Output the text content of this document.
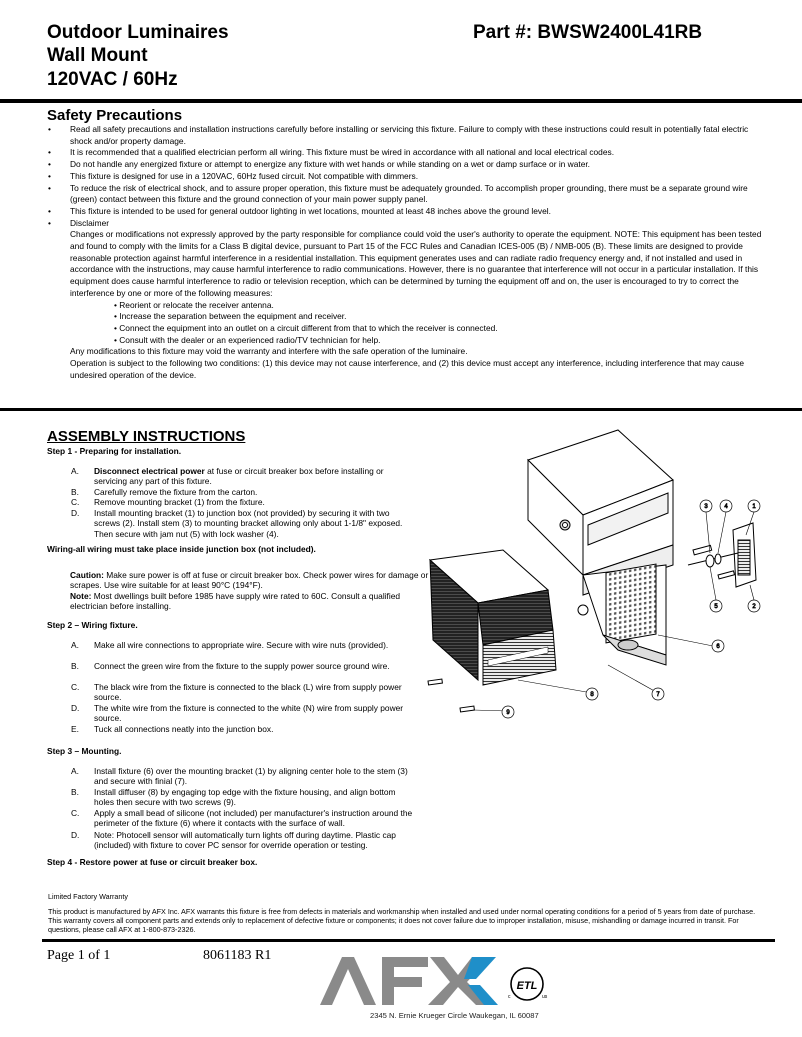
Outdoor Luminaires
Wall Mount
120VAC / 60Hz
Part #: BWSW2400L41RB
Safety Precautions
• Read all safety precautions and installation instructions carefully before installing or servicing this fixture. Failure to comply with these instructions could result in potentially fatal electric shock and/or property damage.
• It is recommended that a qualified electrician perform all wiring. This fixture must be wired in accordance with all national and local electrical codes.
• Do not handle any energized fixture or attempt to energize any fixture with wet hands or while standing on a wet or damp surface or in water.
• This fixture is designed for use in a 120VAC, 60Hz fused circuit. Not compatible with dimmers.
• To reduce the risk of electrical shock, and to assure proper operation, this fixture must be adequately grounded. To accomplish proper grounding, there must be a separate ground wire (green) contact between this fixture and the ground connection of your main power supply panel.
• This fixture is intended to be used for general outdoor lighting in wet locations, mounted at least 48 inches above the ground level.
• Disclaimer
Changes or modifications not expressly approved by the party responsible for compliance could void the user's authority to operate the equipment. NOTE: This equipment has been tested and found to comply with the limits for a Class B digital device, pursuant to Part 15 of the FCC Rules and Canadian ICES-005 (B) / NMB-005 (B). These limits are designed to provide reasonable protection against harmful interference in a residential installation. This equipment generates uses and can radiate radio frequency energy and, if not installed and used in accordance with the instructions, may cause harmful interference to radio communications. However, there is no guarantee that interference will not occur in a particular installation. If this equipment does cause harmful interference to radio or television reception, which can be determined by turning the equipment off and on, the user is encouraged to try to correct the interference by one or more of the following measures:
• Reorient or relocate the receiver antenna.
• Increase the separation between the equipment and receiver.
• Connect the equipment into an outlet on a circuit different from that to which the receiver is connected.
• Consult with the dealer or an experienced radio/TV technician for help.
Any modifications to this fixture may void the warranty and interfere with the safe operation of the luminaire.
Operation is subject to the following two conditions: (1) this device may not cause interference, and (2) this device must accept any interference, including interference that may cause undesired operation of the device.
ASSEMBLY INSTRUCTIONS
Step 1 - Preparing for installation.
A. Disconnect electrical power at fuse or circuit breaker box before installing or servicing any part of this fixture.
B. Carefully remove the fixture from the carton.
C. Remove mounting bracket (1) from the fixture.
D. Install mounting bracket (1) to junction box (not provided) by securing it with two screws (2). Install stem (3) to mounting bracket allowing only about 1-1/8" exposed. Then secure with jam nut (5) with lock washer (4).
Wiring-all wiring must take place inside junction box (not included).
Caution: Make sure power is off at fuse or circuit breaker box. Check power wires for damage or scrapes. Use wire suitable for at least 90°C (194°F).
Note: Most dwellings built before 1985 have supply wire rated to 60C. Consult a qualified electrician before installing.
Step 2 – Wiring fixture.
A. Make all wire connections to appropriate wire. Secure with wire nuts (provided).
B. Connect the green wire from the fixture to the supply power source ground wire.
C. The black wire from the fixture is connected to the black (L) wire from supply power source.
D. The white wire from the fixture is connected to the white (N) wire from supply power source.
E. Tuck all connections neatly into the junction box.
Step 3 – Mounting.
A. Install fixture (6) over the mounting bracket (1) by aligning center hole to the stem (3) and secure with finial (7).
B. Install diffuser (8) by engaging top edge with the fixture housing, and align bottom holes then secure with two screws (9).
C. Apply a small bead of silicone (not included) per manufacturer's instruction around the perimeter of the fixture (6) where it contacts with the surface of wall.
D. Note: Photocell sensor will automatically turn lights off during daytime. Plastic cap (included) with fixture to cover PC sensor for override operation or testing.
Step 4 - Restore power at fuse or circuit breaker box.
3	4	1
5	2
6
8	7
9
Limited Factory Warranty
This product is manufactured by AFX Inc. AFX warrants this fixture is free from defects in materials and workmanship when installed and used under normal operating conditions for a period of 5 years from date of purchase. This warranty covers all component parts and extends only to replacement of defective fixture or components; it does not cover failure due to improper installation, misuse, mishandling or damage incurred in transit. For questions, please call AFX at 1-800-873-2326.
Page 1 of 1	8061183 R1	AFX
ETL
c	us
2345 N. Ernie Krueger Circle Waukegan, IL 60087
